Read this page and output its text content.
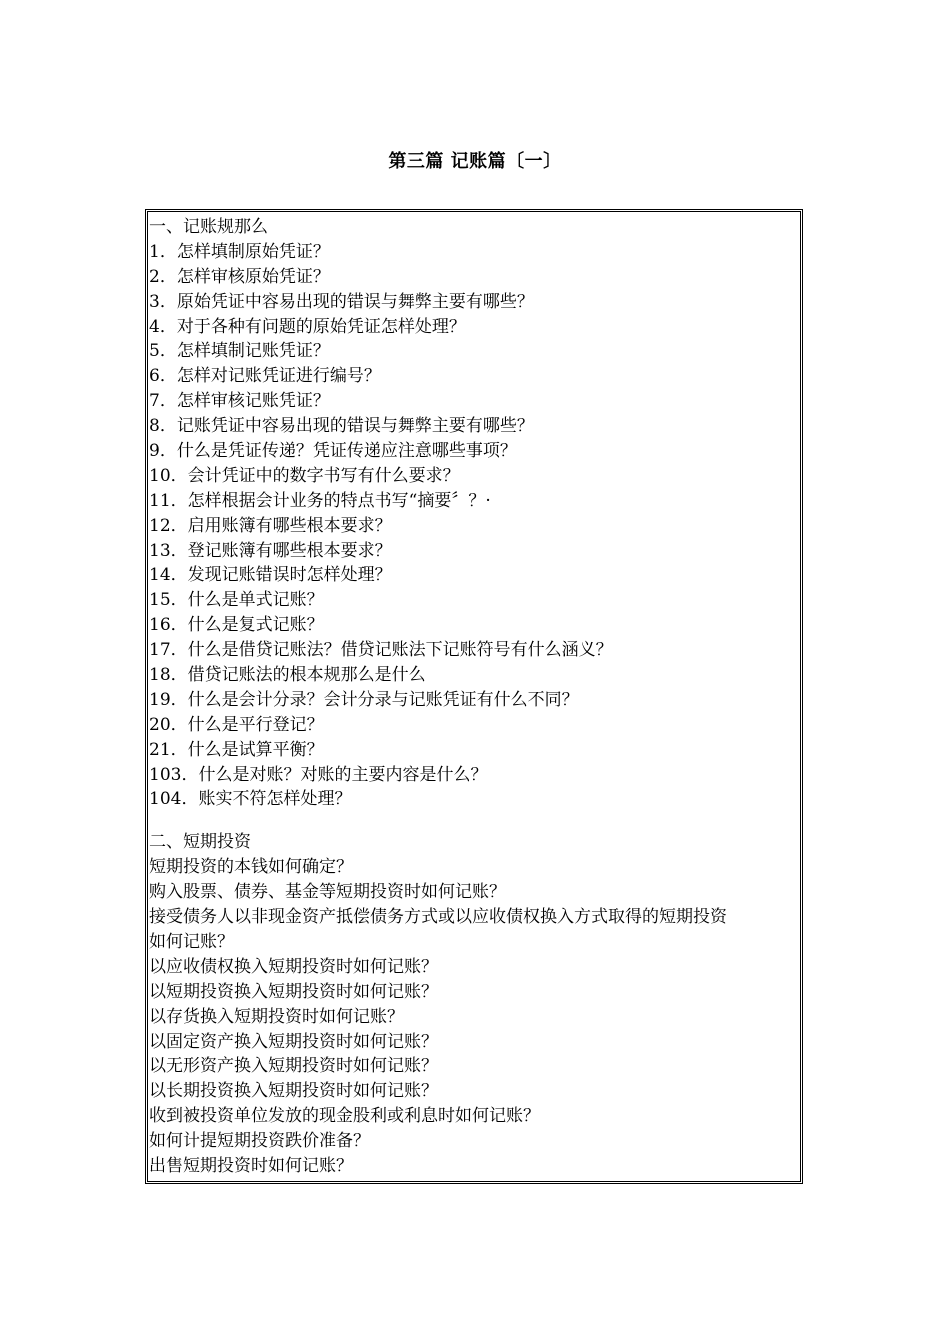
第三篇 记账篇〔一〕
一、记账规那么
1．怎样填制原始凭证？
2．怎样审核原始凭证？
3．原始凭证中容易出现的错误与舞弊主要有哪些？
4．对于各种有问题的原始凭证怎样处理？
5．怎样填制记账凭证？
6．怎样对记账凭证进行编号？
7．怎样审核记账凭证？
8．记账凭证中容易出现的错误与舞弊主要有哪些？
9．什么是凭证传递？凭证传递应注意哪些事项？
10．会计凭证中的数字书写有什么要求？
11．怎样根据会计业务的特点书写“摘要〞？·
12．启用账簿有哪些根本要求？
13．登记账簿有哪些根本要求？
14．发现记账错误时怎样处理？
15．什么是单式记账？
16．什么是复式记账？
17．什么是借贷记账法？借贷记账法下记账符号有什么涵义？
18．借贷记账法的根本规那么是什么
19．什么是会计分录？会计分录与记账凭证有什么不同？
20．什么是平行登记？
21．什么是试算平衡？
103．什么是对账？对账的主要内容是什么？
104．账实不符怎样处理？
二、短期投资
短期投资的本钱如何确定？
购入股票、债券、基金等短期投资时如何记账？
接受债务人以非现金资产抵偿债务方式或以应收债权换入方式取得的短期投资
如何记账？
以应收债权换入短期投资时如何记账？
以短期投资换入短期投资时如何记账？
以存货换入短期投资时如何记账？
以固定资产换入短期投资时如何记账？
以无形资产换入短期投资时如何记账？
以长期投资换入短期投资时如何记账？
收到被投资单位发放的现金股利或利息时如何记账？
如何计提短期投资跌价准备？
出售短期投资时如何记账？
